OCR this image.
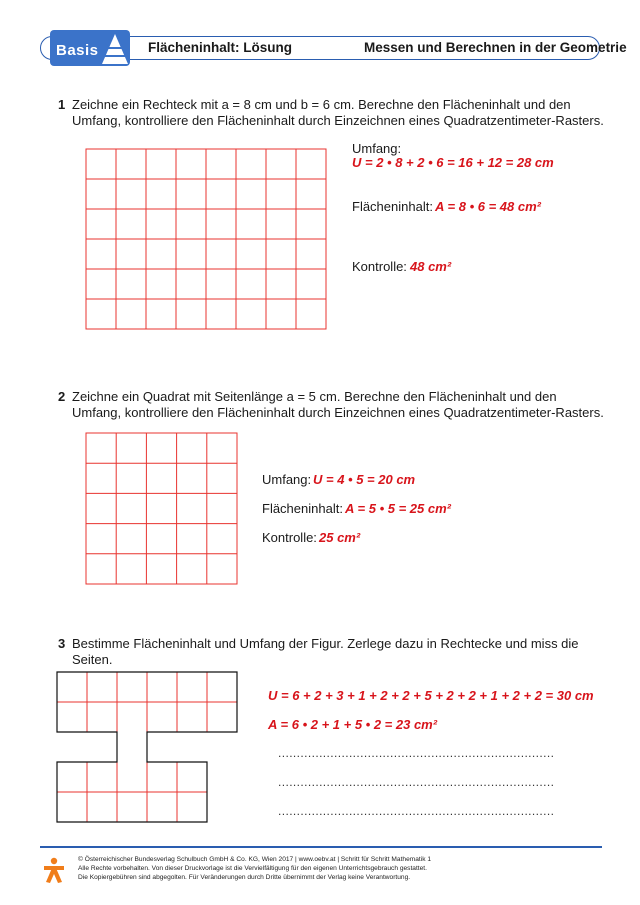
Basis	Flächeninhalt: Lösung	Messen und Berechnen in der Geometrie
1 Zeichne ein Rechteck mit a = 8 cm und b = 6 cm. Berechne den Flächeninhalt und den
Umfang, kontrolliere den Flächeninhalt durch Einzeichnen eines Quadratzentimeter-Rasters.
Umfang:
U = 2 • 8 + 2 • 6 = 16 + 12 = 28 cm
Flächeninhalt: A = 8 • 6 = 48 cm²
Kontrolle: 48 cm²
2 Zeichne ein Quadrat mit Seitenlänge a = 5 cm. Berechne den Flächeninhalt und den
Umfang, kontrolliere den Flächeninhalt durch Einzeichnen eines Quadratzentimeter-Rasters.
Umfang: U = 4 • 5 = 20 cm
Flächeninhalt: A = 5 • 5 = 25 cm²
Kontrolle: 25 cm²
3 Bestimme Flächeninhalt und Umfang der Figur. Zerlege dazu in Rechtecke und miss die
Seiten.
U = 6 + 2 + 3 + 1 + 2 + 2 + 5 + 2 + 2 + 1 + 2 + 2 = 30 cm
A = 6 • 2 + 1 + 5 • 2 = 23 cm²
..........................................................................
..........................................................................
..........................................................................
© Österreichischer Bundesverlag Schulbuch GmbH & Co. KG, Wien 2017 | www.oebv.at | Schritt für Schritt Mathematik 1
Alle Rechte vorbehalten. Von dieser Druckvorlage ist die Vervielfältigung für den eigenen Unterrichtsgebrauch gestattet.
Die Kopiergebühren sind abgegolten. Für Veränderungen durch Dritte übernimmt der Verlag keine Verantwortung.
